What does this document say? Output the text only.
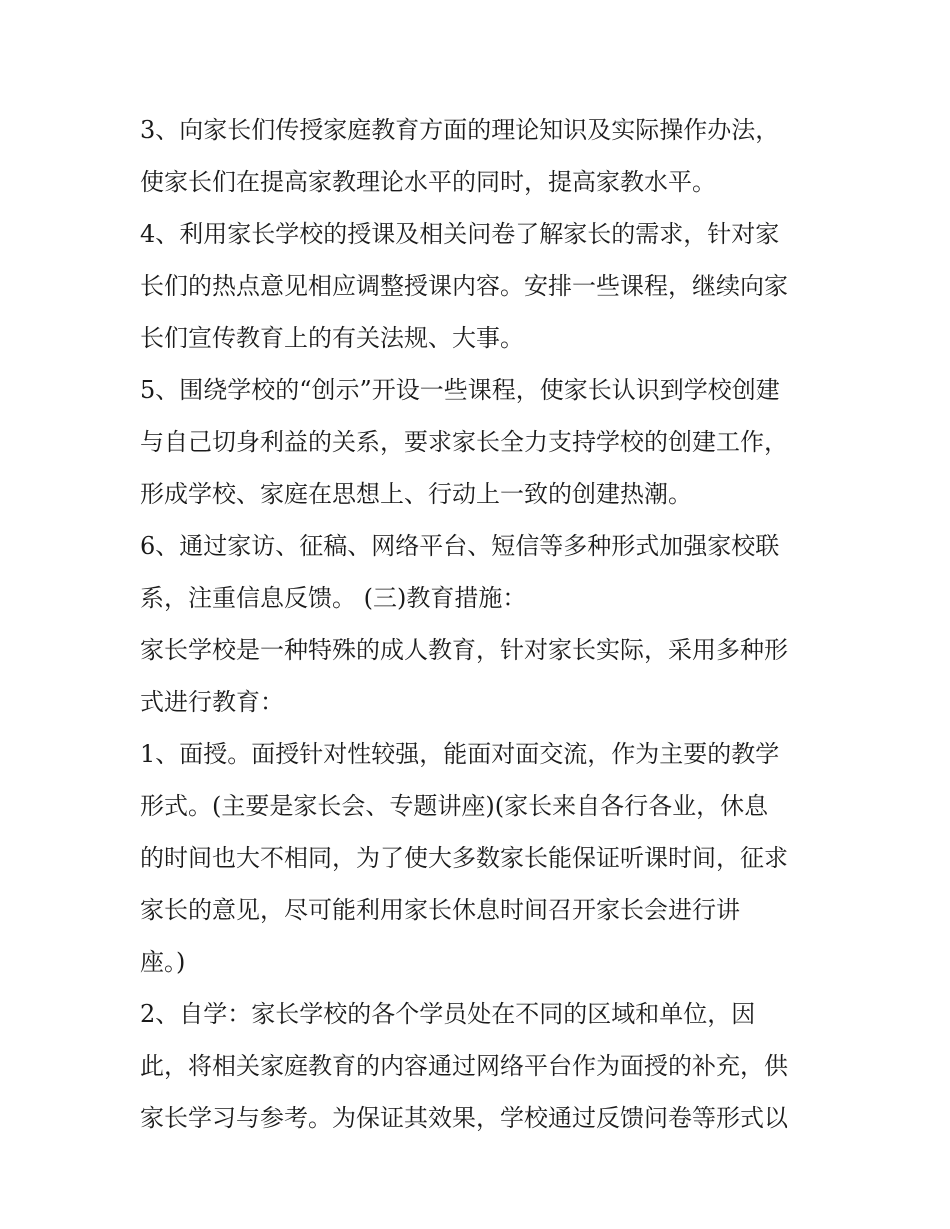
3、向家长们传授家庭教育方面的理论知识及实际操作办法，
使家长们在提高家教理论水平的同时，提高家教水平。
4、利用家长学校的授课及相关问卷了解家长的需求，针对家
长们的热点意见相应调整授课内容。安排一些课程，继续向家
长们宣传教育上的有关法规、大事。
5、围绕学校的“创示”开设一些课程，使家长认识到学校创建
与自己切身利益的关系，要求家长全力支持学校的创建工作，
形成学校、家庭在思想上、行动上一致的创建热潮。
6、通过家访、征稿、网络平台、短信等多种形式加强家校联
系，注重信息反馈。 (三)教育措施：
家长学校是一种特殊的成人教育，针对家长实际，采用多种形
式进行教育：
1、面授。面授针对性较强，能面对面交流，作为主要的教学
形式。(主要是家长会、专题讲座)(家长来自各行各业，休息
的时间也大不相同，为了使大多数家长能保证听课时间，征求
家长的意见，尽可能利用家长休息时间召开家长会进行讲
座。)
2、自学：家长学校的各个学员处在不同的区域和单位，因
此，将相关家庭教育的内容通过网络平台作为面授的补充，供
家长学习与参考。为保证其效果，学校通过反馈问卷等形式以
